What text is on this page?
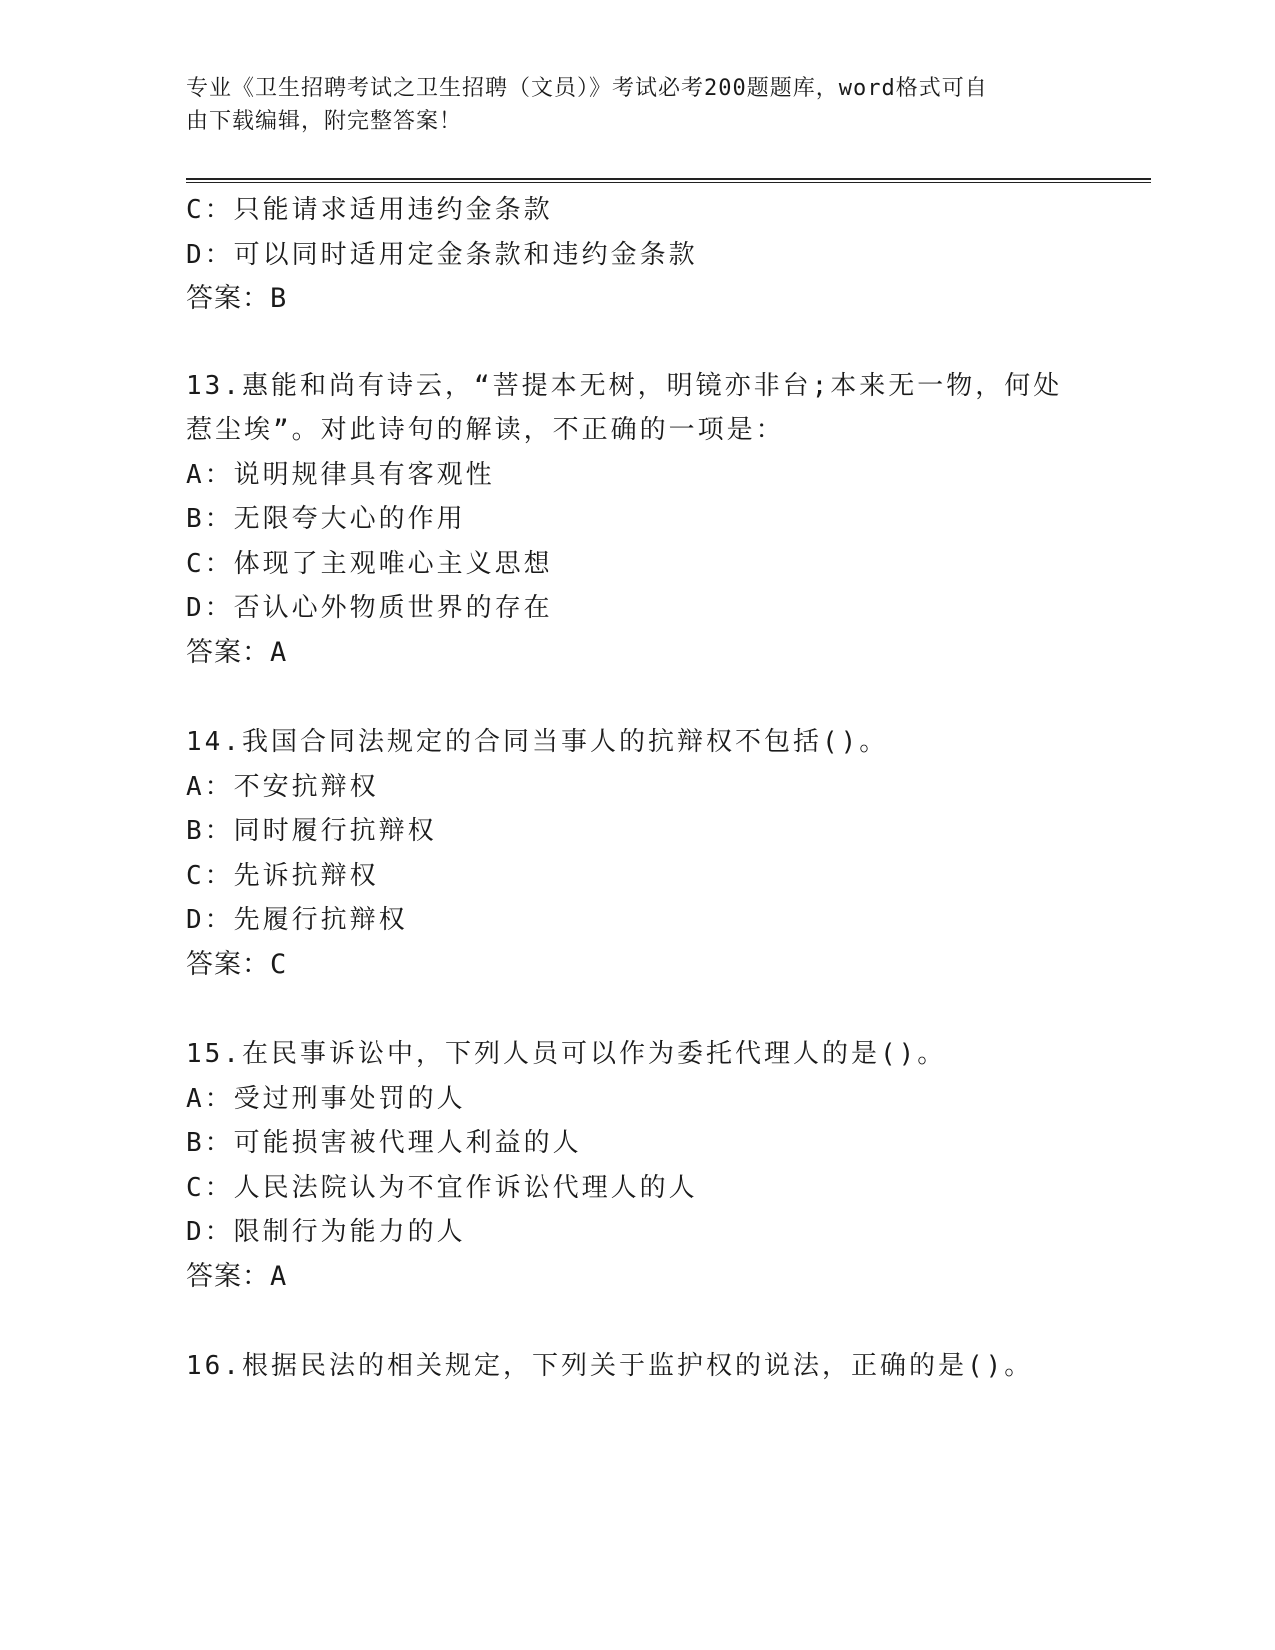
专业《卫生招聘考试之卫生招聘（文员）》考试必考200题题库，word格式可自
由下载编辑，附完整答案！
C：只能请求适用违约金条款
D：可以同时适用定金条款和违约金条款
答案：B
13.惠能和尚有诗云，“菩提本无树，明镜亦非台;本来无一物，何处
惹尘埃”。对此诗句的解读，不正确的一项是：
A：说明规律具有客观性
B：无限夸大心的作用
C：体现了主观唯心主义思想
D：否认心外物质世界的存在
答案：A
14.我国合同法规定的合同当事人的抗辩权不包括()。
A：不安抗辩权
B：同时履行抗辩权
C：先诉抗辩权
D：先履行抗辩权
答案：C
15.在民事诉讼中，下列人员可以作为委托代理人的是()。
A：受过刑事处罚的人
B：可能损害被代理人利益的人
C：人民法院认为不宜作诉讼代理人的人
D：限制行为能力的人
答案：A
16.根据民法的相关规定，下列关于监护权的说法，正确的是()。
